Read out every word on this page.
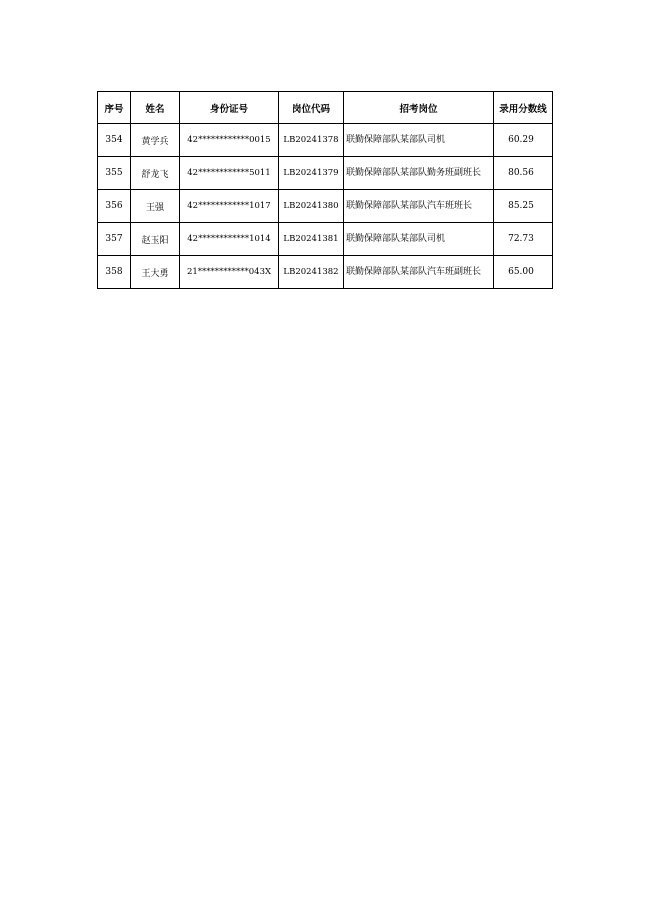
序号	姓名	身份证号	岗位代码	招考岗位	录用分数线
354	黄学兵	42************0015	LB20241378	联勤保障部队某部队司机	60.29
355	舒龙飞	42************5011	LB20241379	联勤保障部队某部队勤务班副班长	80.56
356	王强	42************1017	LB20241380	联勤保障部队某部队汽车班班长	85.25
357	赵玉阳	42************1014	LB20241381	联勤保障部队某部队司机	72.73
358	王大勇	21************043X	LB20241382	联勤保障部队某部队汽车班副班长	65.00
